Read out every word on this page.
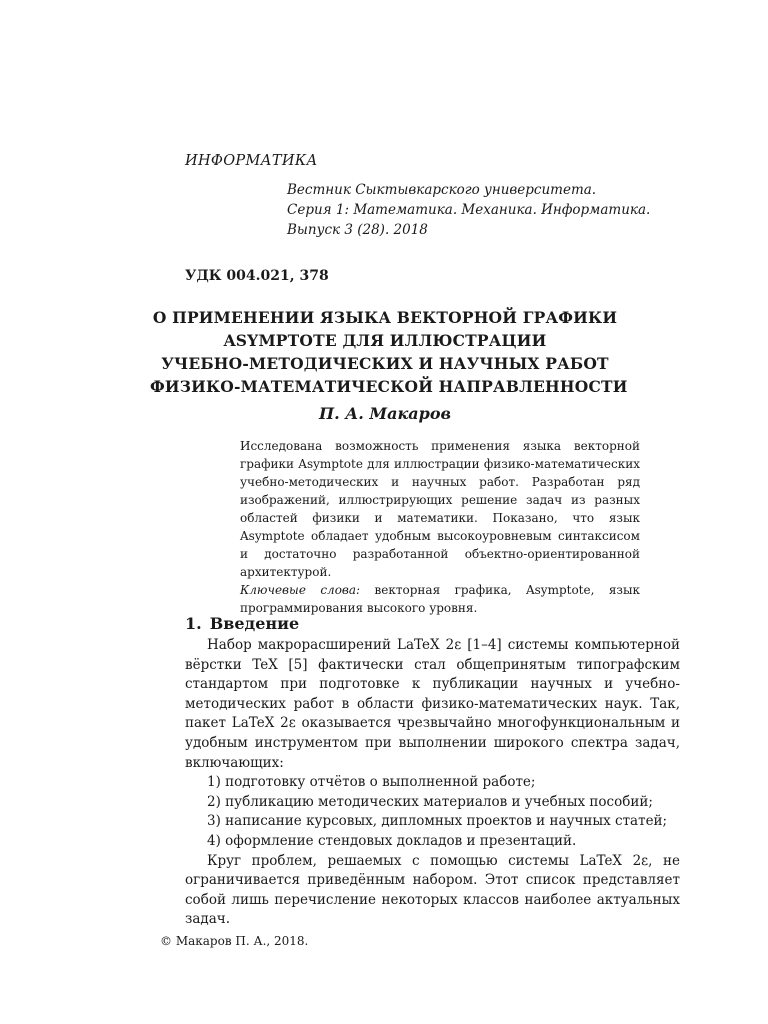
ИНФОРМАТИКА
Вестник Сыктывкарского университета.
Серия 1: Математика. Механика. Информатика.
Выпуск 3 (28). 2018
УДК 004.021, 378
О ПРИМЕНЕНИИ ЯЗЫКА ВЕКТОРНОЙ ГРАФИКИ
ASYMPTOTE ДЛЯ ИЛЛЮСТРАЦИИ
УЧЕБНО-МЕТОДИЧЕСКИХ И НАУЧНЫХ РАБОТ
ФИЗИКО-МАТЕМАТИЧЕСКОЙ НАПРАВЛЕННОСТИ
П. А. Макаров

Исследована возможность применения языка векторной графики Asymptote для иллюстрации физико-математических учебно-методических и научных работ. Разработан ряд изображений, иллюстрирующих решение задач из разных областей физики и математики. Показано, что язык Asymptote обладает удобным высокоуровневым синтаксисом и достаточно разработанной объектно-ориентированной архитектурой.

Ключевые слова: векторная графика, Asymptote, язык программирования высокого уровня.

1. Введение

Набор макрорасширений LaTeX 2ε [1–4] системы компьютерной вёрстки TeX [5] фактически стал общепринятым типографским стандартом при подготовке к публикации научных и учебно-методических работ в области физико-математических наук. Так, пакет LaTeX 2ε оказывается чрезвычайно многофункциональным и удобным инструментом при выполнении широкого спектра задач, включающих:

1) подготовку отчётов о выполненной работе;

2) публикацию методических материалов и учебных пособий;

3) написание курсовых, дипломных проектов и научных статей;

4) оформление стендовых докладов и презентаций.

Круг проблем, решаемых с помощью системы LaTeX 2ε, не ограничивается приведённым набором. Этот список представляет собой лишь перечисление некоторых классов наиболее актуальных задач.

© Макаров П. А., 2018.
